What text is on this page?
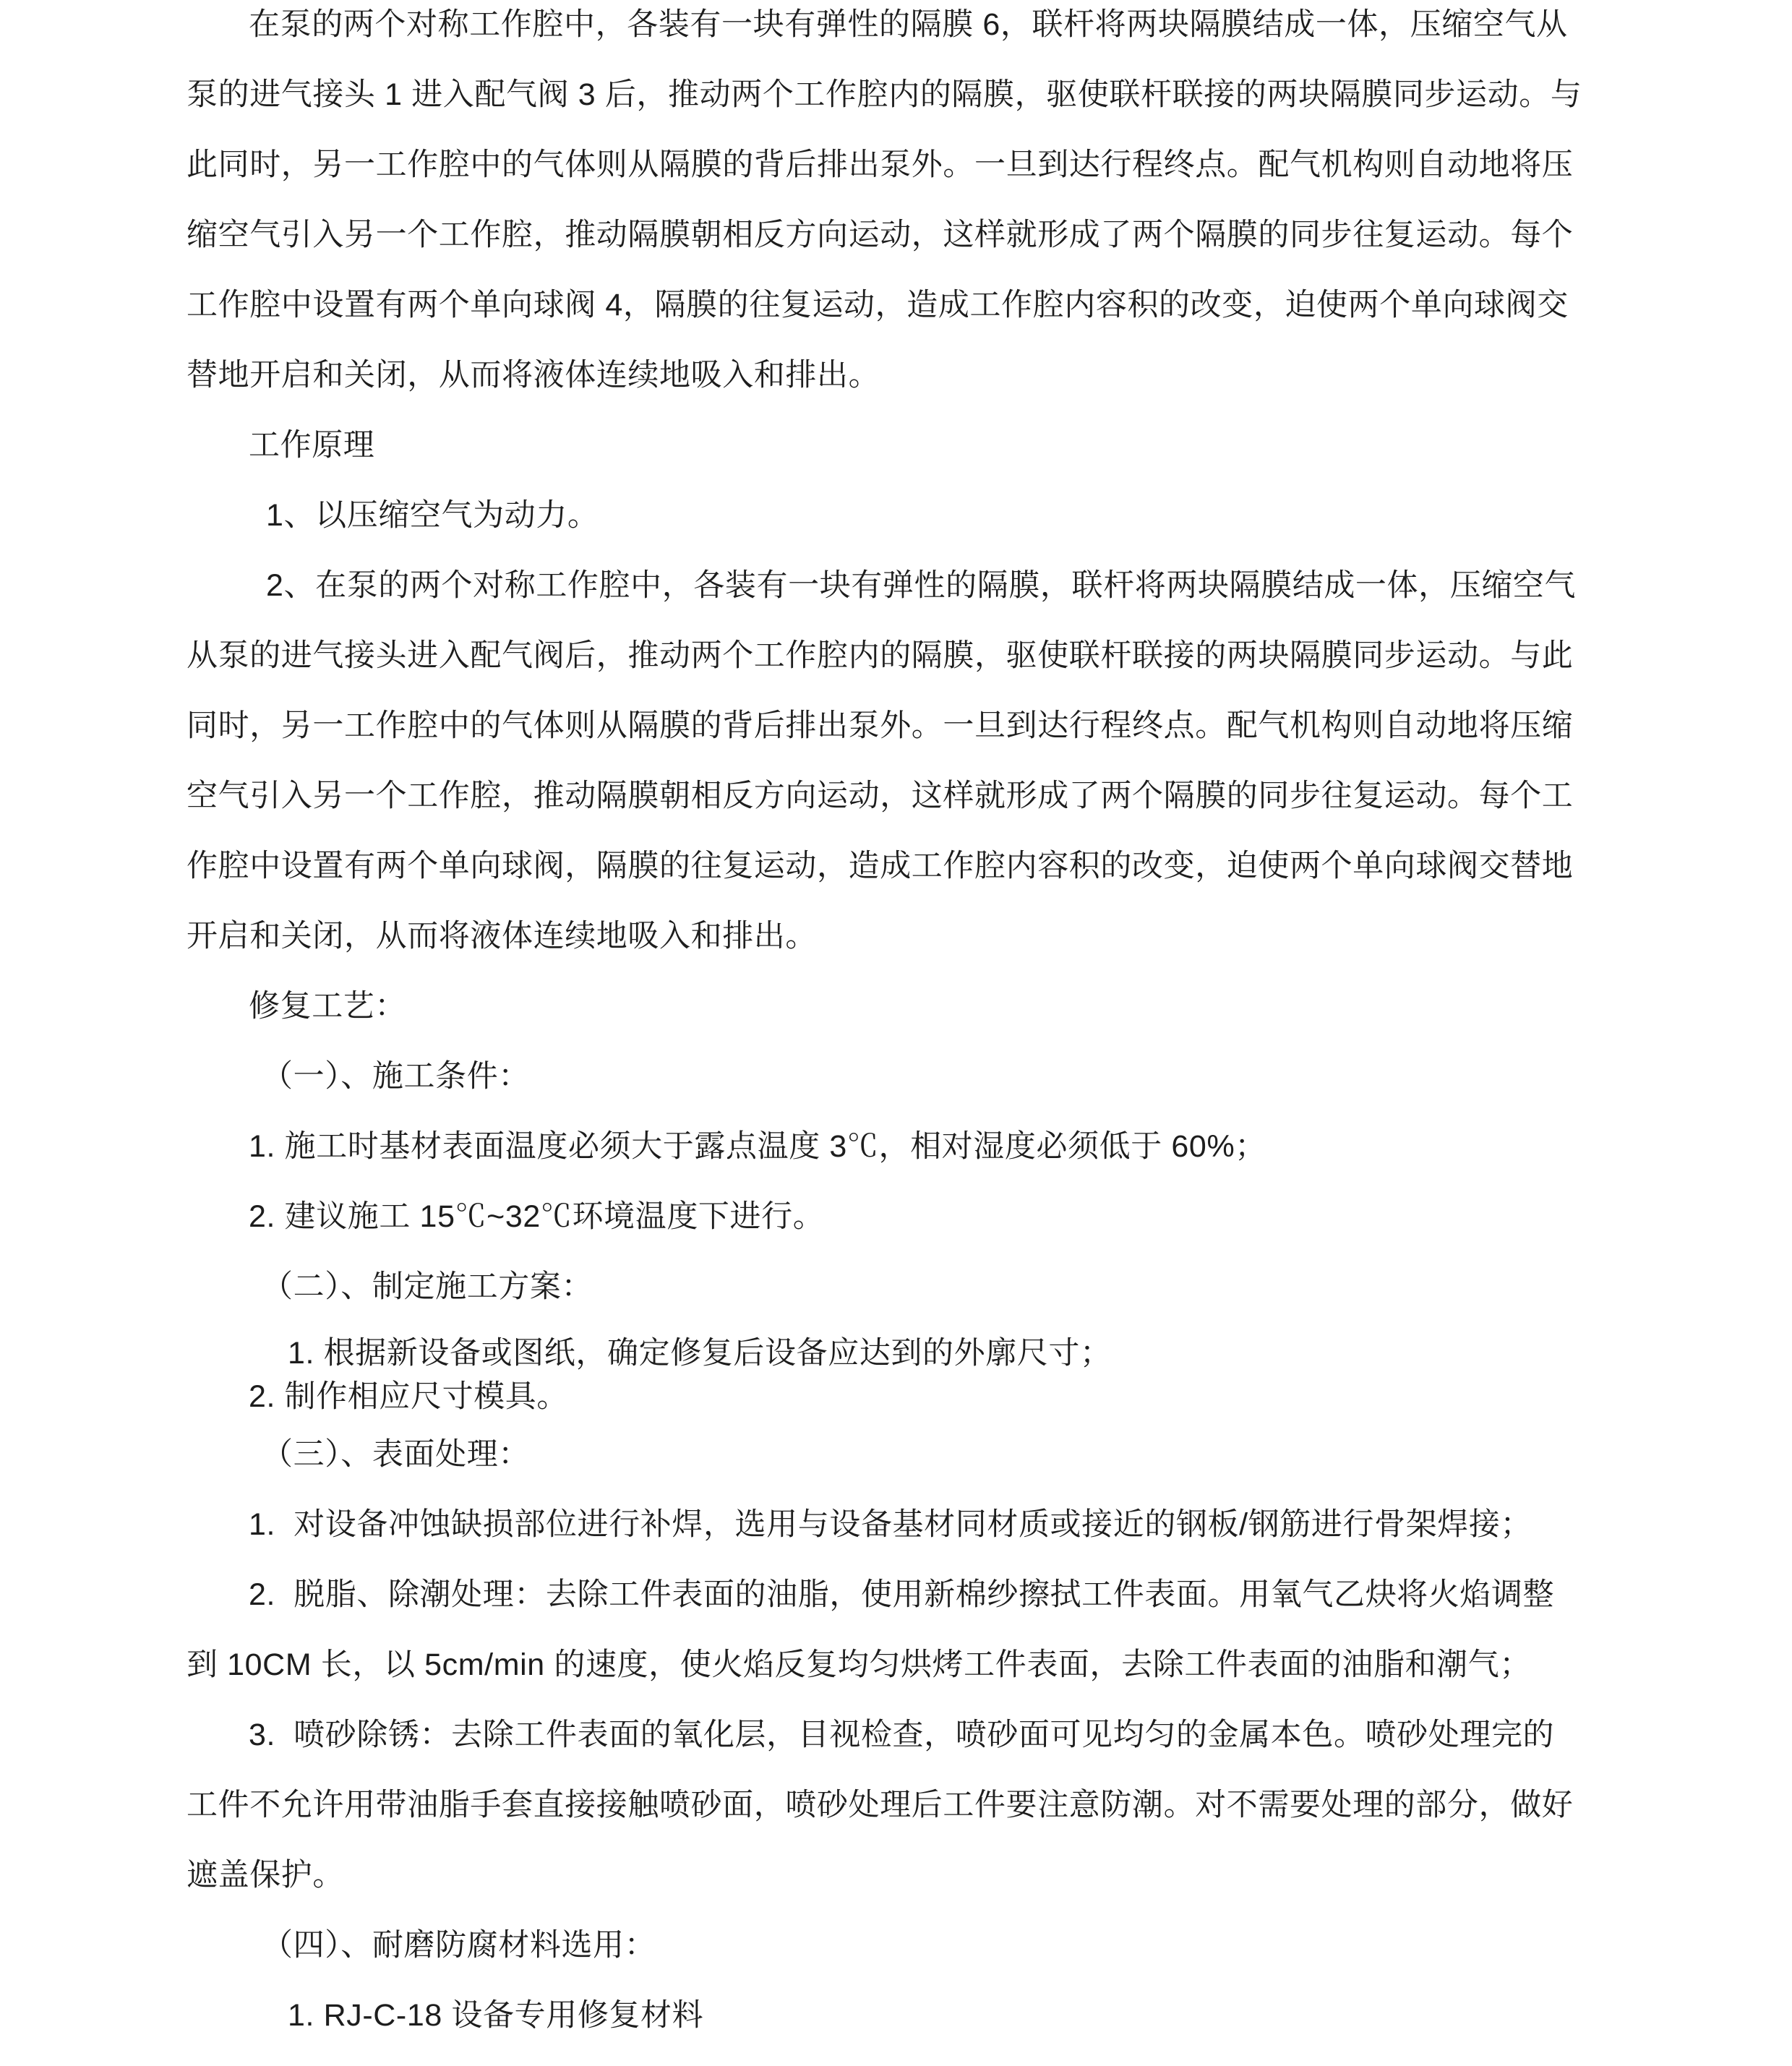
在泵的两个对称工作腔中，各装有一块有弹性的隔膜 6，联杆将两块隔膜结成一体，压缩空气从
泵的进气接头 1 进入配气阀 3 后，推动两个工作腔内的隔膜，驱使联杆联接的两块隔膜同步运动。与
此同时，另一工作腔中的气体则从隔膜的背后排出泵外。一旦到达行程终点。配气机构则自动地将压
缩空气引入另一个工作腔，推动隔膜朝相反方向运动，这样就形成了两个隔膜的同步往复运动。每个
工作腔中设置有两个单向球阀 4，隔膜的往复运动，造成工作腔内容积的改变，迫使两个单向球阀交
替地开启和关闭，从而将液体连续地吸入和排出。
工作原理
1、以压缩空气为动力。
2、在泵的两个对称工作腔中，各装有一块有弹性的隔膜，联杆将两块隔膜结成一体，压缩空气
从泵的进气接头进入配气阀后，推动两个工作腔内的隔膜，驱使联杆联接的两块隔膜同步运动。与此
同时，另一工作腔中的气体则从隔膜的背后排出泵外。一旦到达行程终点。配气机构则自动地将压缩
空气引入另一个工作腔，推动隔膜朝相反方向运动，这样就形成了两个隔膜的同步往复运动。每个工
作腔中设置有两个单向球阀，隔膜的往复运动，造成工作腔内容积的改变，迫使两个单向球阀交替地
开启和关闭，从而将液体连续地吸入和排出。
修复工艺：
（一）、施工条件：
1. 施工时基材表面温度必须大于露点温度 3℃，相对湿度必须低于 60%；
2. 建议施工 15℃~32℃环境温度下进行。
（二）、制定施工方案：
1. 根据新设备或图纸，确定修复后设备应达到的外廓尺寸；
2. 制作相应尺寸模具。
（三）、表面处理：
1.  对设备冲蚀缺损部位进行补焊，选用与设备基材同材质或接近的钢板/钢筋进行骨架焊接；
2.  脱脂、除潮处理：去除工件表面的油脂，使用新棉纱擦拭工件表面。用氧气乙炔将火焰调整
到 10CM 长，以 5cm/min 的速度，使火焰反复均匀烘烤工件表面，去除工件表面的油脂和潮气；
3.  喷砂除锈：去除工件表面的氧化层，目视检查，喷砂面可见均匀的金属本色。喷砂处理完的
工件不允许用带油脂手套直接接触喷砂面，喷砂处理后工件要注意防潮。对不需要处理的部分，做好
遮盖保护。
（四）、耐磨防腐材料选用：
1. RJ-C-18 设备专用修复材料
